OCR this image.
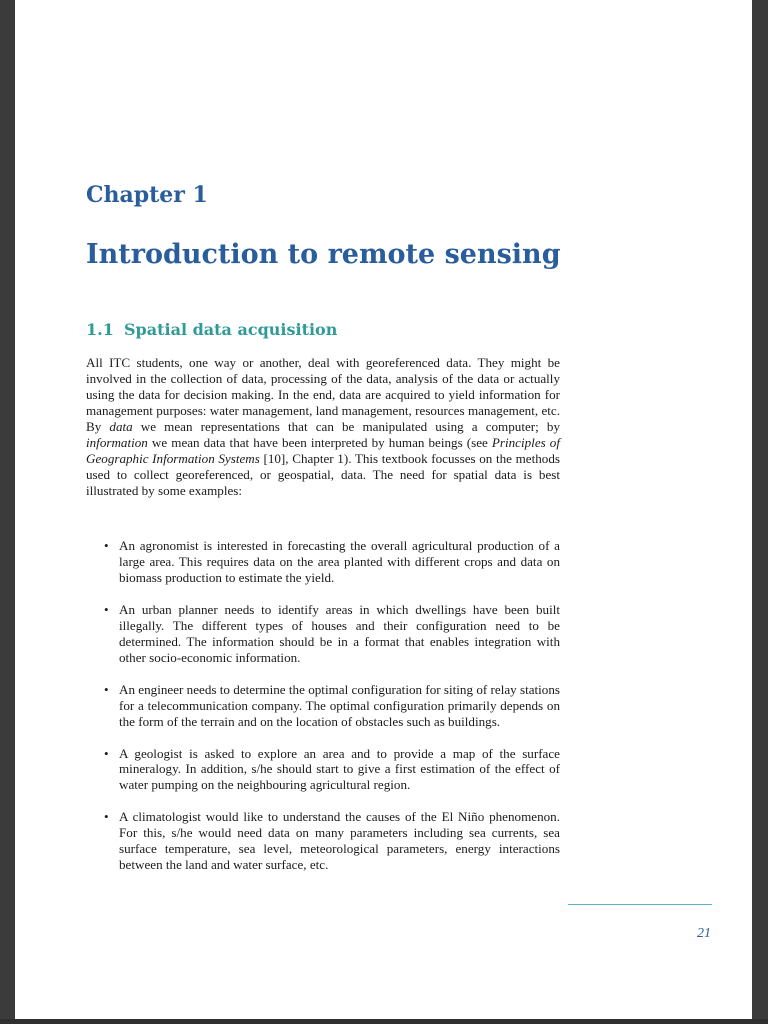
Chapter 1
Introduction to remote sensing
1.1 Spatial data acquisition

All ITC students, one way or another, deal with georeferenced data. They might be involved in the collection of data, processing of the data, analysis of the data or actually using the data for decision making. In the end, data are acquired to yield information for management purposes: water management, land management, resources management, etc. By data we mean representations that can be manipulated using a computer; by information we mean data that have been interpreted by human beings (see Principles of Geographic Information Systems [10], Chapter 1). This textbook focusses on the methods used to collect georeferenced, or geospatial, data. The need for spatial data is best illustrated by some examples:

• An agronomist is interested in forecasting the overall agricultural production of a large area. This requires data on the area planted with different crops and data on biomass production to estimate the yield.
• An urban planner needs to identify areas in which dwellings have been built illegally. The different types of houses and their configuration need to be determined. The information should be in a format that enables integration with other socio-economic information.
• An engineer needs to determine the optimal configuration for siting of relay stations for a telecommunication company. The optimal configuration primarily depends on the form of the terrain and on the location of obstacles such as buildings.
• A geologist is asked to explore an area and to provide a map of the surface mineralogy. In addition, s/he should start to give a first estimation of the effect of water pumping on the neighbouring agricultural region.
• A climatologist would like to understand the causes of the El Niño phenomenon. For this, s/he would need data on many parameters including sea currents, sea surface temperature, sea level, meteorological parameters, energy interactions between the land and water surface, etc.
21
